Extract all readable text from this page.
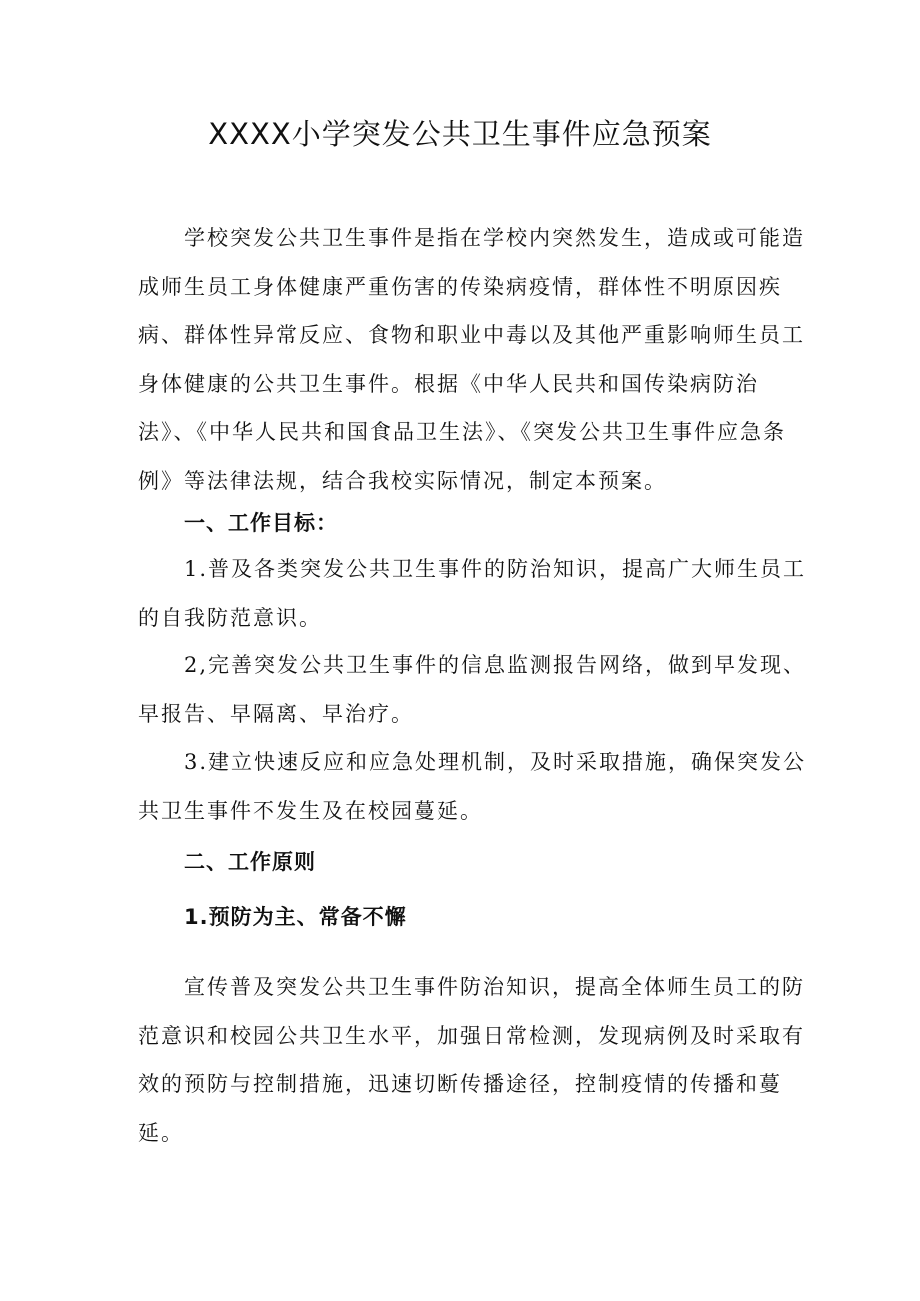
XXXX小学突发公共卫生事件应急预案

学校突发公共卫生事件是指在学校内突然发生，造成或可能造成师生员工身体健康严重伤害的传染病疫情，群体性不明原因疾病、群体性异常反应、食物和职业中毒以及其他严重影响师生员工身体健康的公共卫生事件。根据《中华人民共和国传染病防治法》、《中华人民共和国食品卫生法》、《突发公共卫生事件应急条例》等法律法规，结合我校实际情况，制定本预案。

一、工作目标：

1.普及各类突发公共卫生事件的防治知识，提高广大师生员工的自我防范意识。

2,完善突发公共卫生事件的信息监测报告网络，做到早发现、早报告、早隔离、早治疗。

3.建立快速反应和应急处理机制，及时采取措施，确保突发公共卫生事件不发生及在校园蔓延。

二、工作原则
1.预防为主、常备不懈

宣传普及突发公共卫生事件防治知识，提高全体师生员工的防范意识和校园公共卫生水平，加强日常检测，发现病例及时采取有效的预防与控制措施，迅速切断传播途径，控制疫情的传播和蔓延。
